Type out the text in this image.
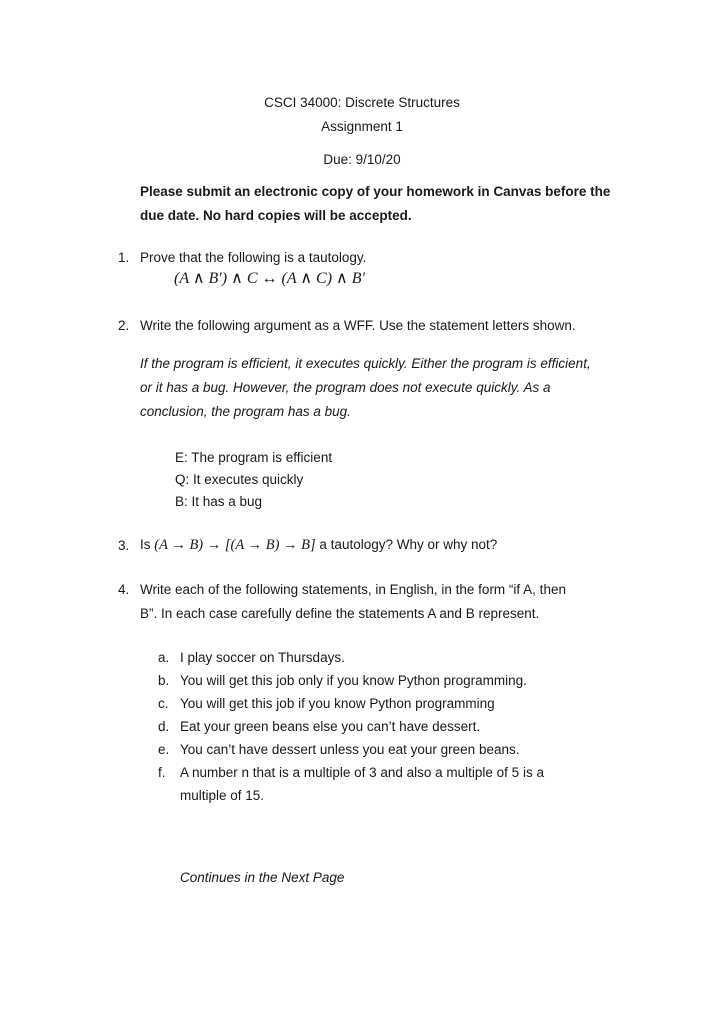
CSCI 34000: Discrete Structures

Assignment 1

Due: 9/10/20

Please submit an electronic copy of your homework in Canvas before the

due date. No hard copies will be accepted.

1. Prove that the following is a tautology.

(A ∧ B′) ∧ C ↔ (A ∧ C) ∧ B′

2. Write the following argument as a WFF. Use the statement letters shown.

If the program is efficient, it executes quickly. Either the program is efficient,

or it has a bug. However, the program does not execute quickly. As a

conclusion, the program has a bug.

E: The program is efficient

Q: It executes quickly

B: It has a bug

3. Is (A → B) → [(A → B) → B] a tautology? Why or why not?

4. Write each of the following statements, in English, in the form “if A, then

B”. In each case carefully define the statements A and B represent.

a. I play soccer on Thursdays.

b. You will get this job only if you know Python programming.

c. You will get this job if you know Python programming

d. Eat your green beans else you can’t have dessert.

e. You can’t have dessert unless you eat your green beans.

f. A number n that is a multiple of 3 and also a multiple of 5 is a

multiple of 15.

Continues in the Next Page
